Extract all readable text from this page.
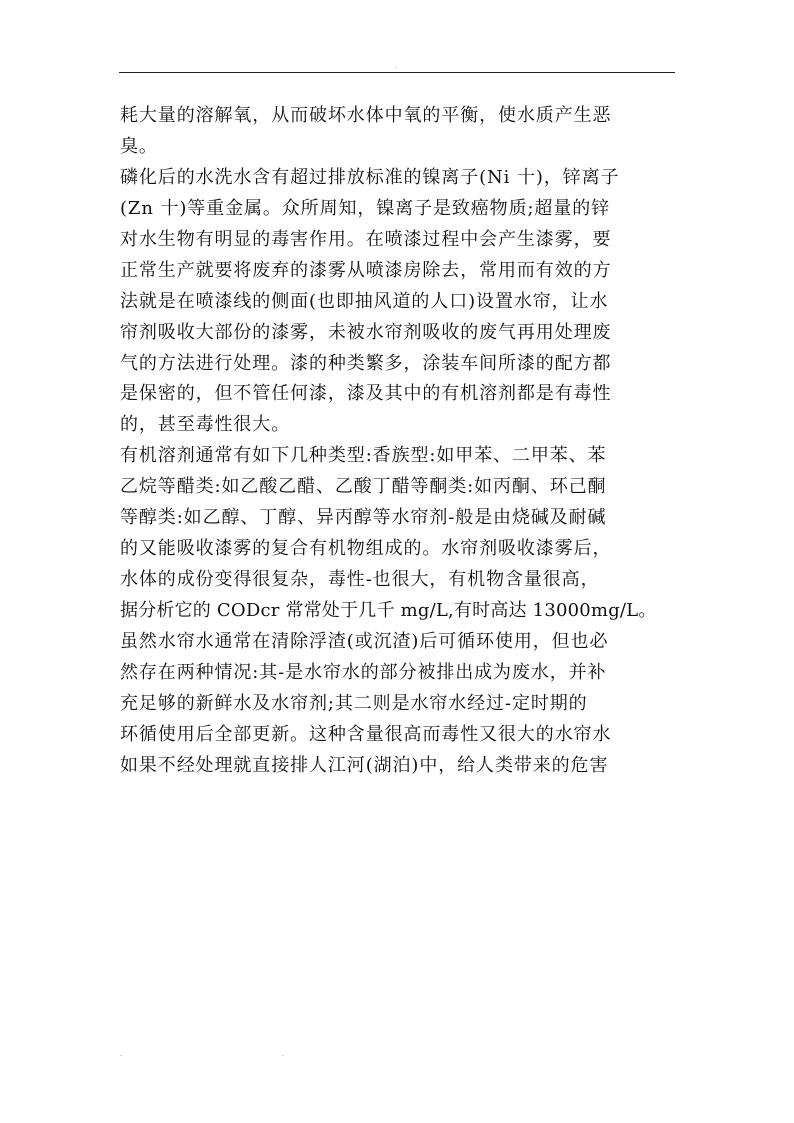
.
耗大量的溶解氧，从而破坏水体中氧的平衡，使水质产生恶
臭。
磷化后的水洗水含有超过排放标准的镍离子(Ni 十)，锌离子
(Zn 十)等重金属。众所周知，镍离子是致癌物质;超量的锌
对水生物有明显的毒害作用。在喷漆过程中会产生漆雾，要
正常生产就要将废弃的漆雾从喷漆房除去，常用而有效的方
法就是在喷漆线的侧面(也即抽风道的人口)设置水帘，让水
帘剂吸收大部份的漆雾，未被水帘剂吸收的废气再用处理废
气的方法进行处理。漆的种类繁多，涂装车间所漆的配方都
是保密的，但不管任何漆，漆及其中的有机溶剂都是有毒性
的，甚至毒性很大。
有机溶剂通常有如下几种类型:香族型:如甲苯、二甲苯、苯
乙烷等醋类:如乙酸乙醋、乙酸丁醋等酮类:如丙酮、环己酮
等醇类:如乙醇、丁醇、异丙醇等水帘剂-般是由烧碱及耐碱
的又能吸收漆雾的复合有机物组成的。水帘剂吸收漆雾后，
水体的成份变得很复杂，毒性-也很大，有机物含量很高，
据分析它的 CODcr 常常处于几千 mg/L,有时高达 13000mg/L。
虽然水帘水通常在清除浮渣(或沉渣)后可循环使用，但也必
然存在两种情况:其-是水帘水的部分被排出成为废水，并补
充足够的新鲜水及水帘剂;其二则是水帘水经过-定时期的
环循使用后全部更新。这种含量很高而毒性又很大的水帘水
如果不经处理就直接排人江河(湖泊)中，给人类带来的危害
.	.
